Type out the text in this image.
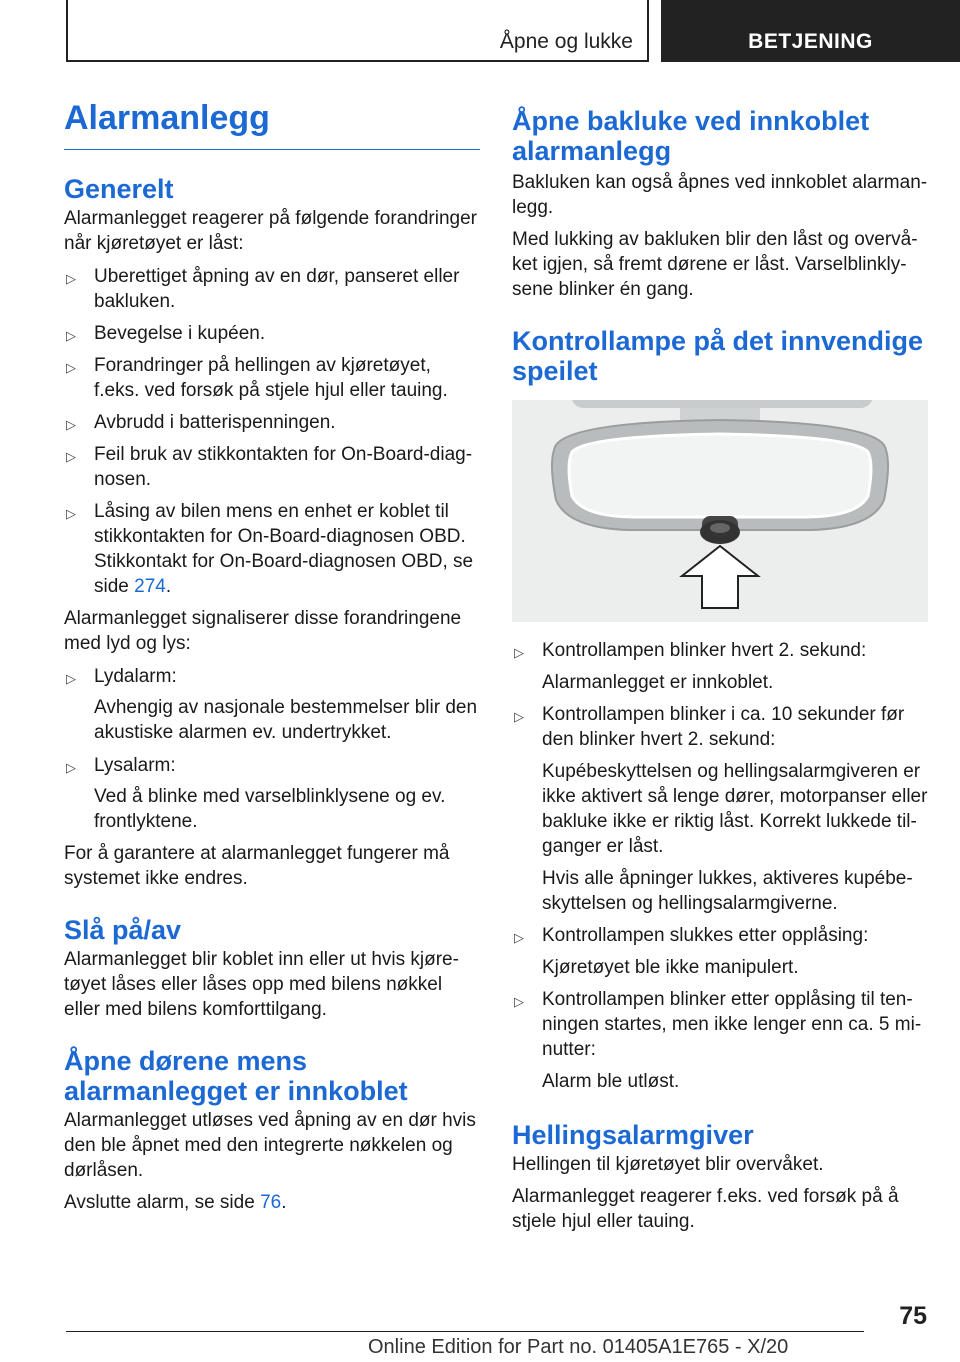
Åpne og lukke	BETJENING
Alarmanlegg
Generelt

Alarmanlegget reagerer på følgende forandringer når kjøretøyet er låst:

▷ Uberettiget åpning av en dør, panseret eller bakluken.
▷ Bevegelse i kupéen.
▷ Forandringer på hellingen av kjøretøyet, f.eks. ved forsøk på stjele hjul eller tauing.
▷ Avbrudd i batterispenningen.
▷ Feil bruk av stikkontakten for On-Board-diagnosen.
▷ Låsing av bilen mens en enhet er koblet til stikkontakten for On-Board-diagnosen OBD. Stikkontakt for On-Board-diagnosen OBD, se side 274.

Alarmanlegget signaliserer disse forandringene med lyd og lys:

▷ Lydalarm:
Avhengig av nasjonale bestemmelser blir den akustiske alarmen ev. undertrykket.
▷ Lysalarm:
Ved å blinke med varselblinklysene og ev. frontlyktene.

For å garantere at alarmanlegget fungerer må systemet ikke endres.

Slå på/av

Alarmanlegget blir koblet inn eller ut hvis kjøretøyet låses eller låses opp med bilens nøkkel eller med bilens komforttilgang.

Åpne dørene mens alarmanlegget er innkoblet

Alarmanlegget utløses ved åpning av en dør hvis den ble åpnet med den integrerte nøkkelen og dørlåsen.

Avslutte alarm, se side 76.

Åpne bakluke ved innkoblet alarmanlegg

Bakluken kan også åpnes ved innkoblet alarmanlegg.

Med lukking av bakluken blir den låst og overvåket igjen, så fremt dørene er låst. Varselblinklysene blinker én gang.

Kontrollampe på det innvendige speilet
▷ Kontrollampen blinker hvert 2. sekund:
Alarmanlegget er innkoblet.
▷ Kontrollampen blinker i ca. 10 sekunder før den blinker hvert 2. sekund:
Kupébeskyttelsen og hellingsalarmgiveren er ikke aktivert så lenge dører, motorpanser eller bakluke ikke er riktig låst. Korrekt lukkede tilganger er låst.
Hvis alle åpninger lukkes, aktiveres kupébeskyttelsen og hellingsalarmgiverne.
▷ Kontrollampen slukkes etter opplåsing:
Kjøretøyet ble ikke manipulert.
▷ Kontrollampen blinker etter opplåsing til tenningen startes, men ikke lenger enn ca. 5 minutter:
Alarm ble utløst.
Hellingsalarmgiver

Hellingen til kjøretøyet blir overvåket.

Alarmanlegget reagerer f.eks. ved forsøk på å stjele hjul eller tauing.

75
Online Edition for Part no. 01405A1E765 - X/20
